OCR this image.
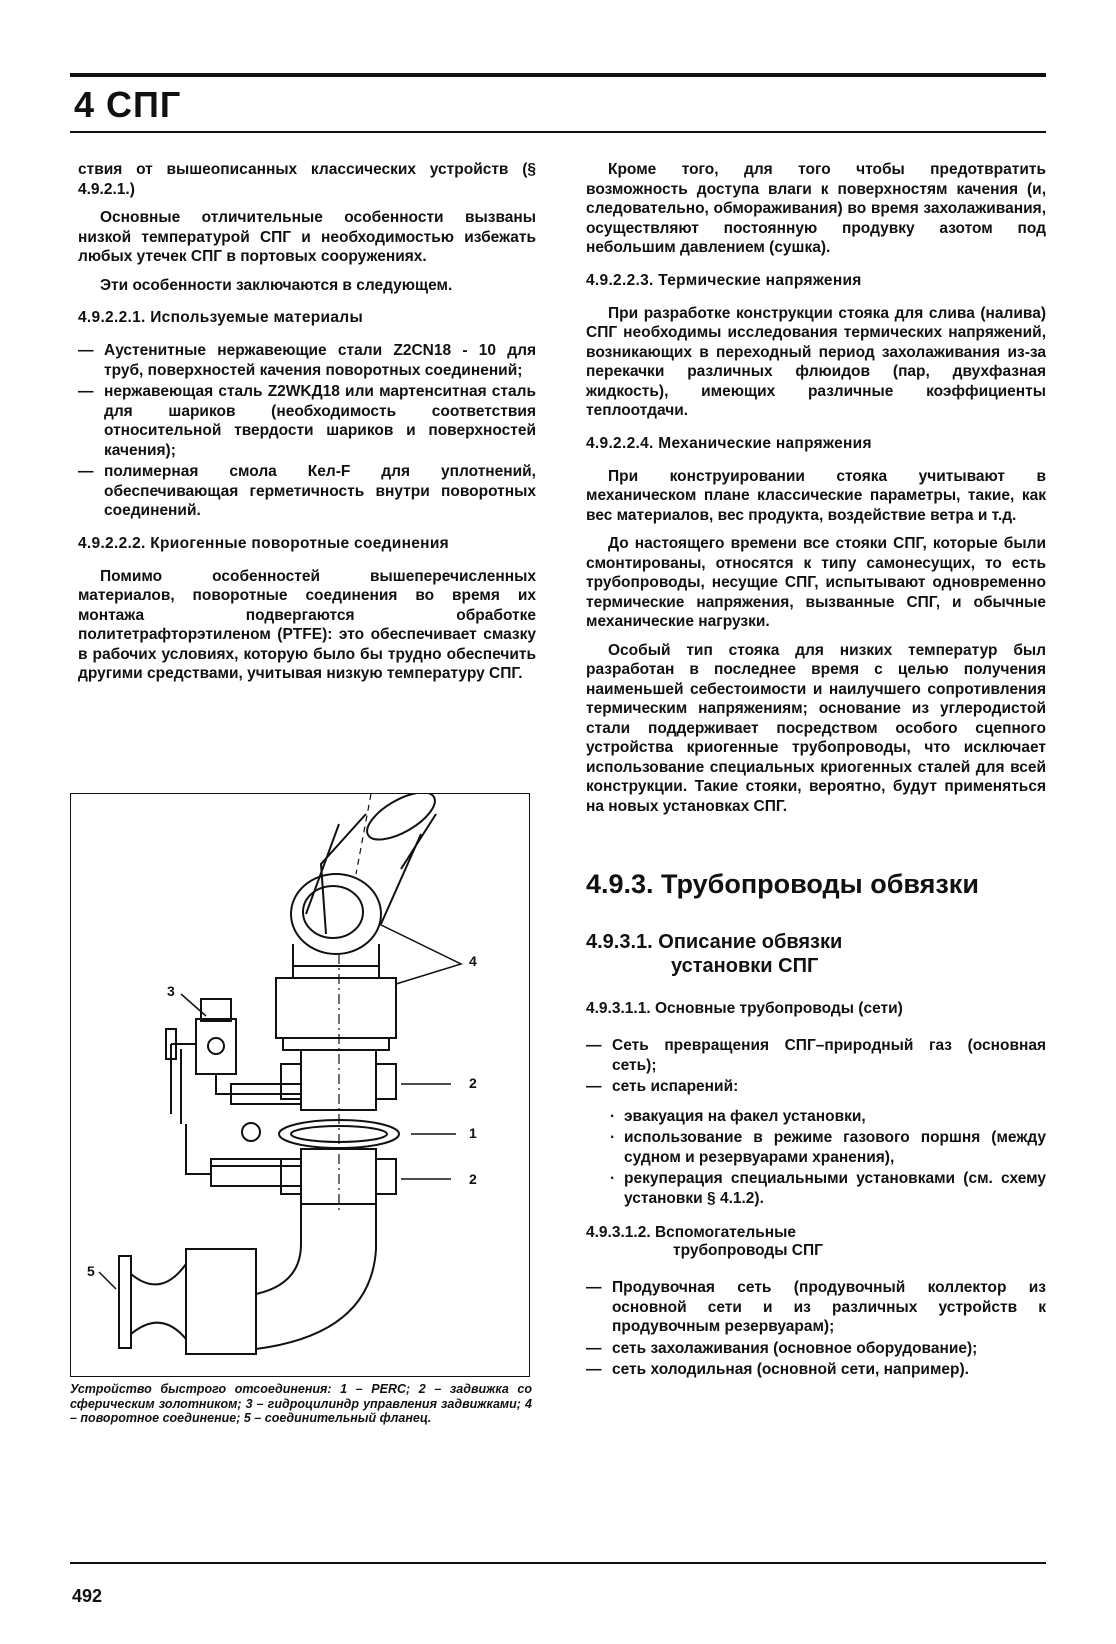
4 СПГ

ствия от вышеописанных классических устройств (§ 4.9.2.1.)

Основные отличительные особенности вызваны низкой температурой СПГ и необходимостью избежать любых утечек СПГ в портовых сооружениях.

Эти особенности заключаются в следующем.

4.9.2.2.1. Используемые материалы
— Аустенитные нержавеющие стали Z2CN18 - 10 для труб, поверхностей качения поворотных соединений;
— нержавеющая сталь Z2WKД18 или мартенситная сталь для шариков (необходимость соответствия относительной твердости шариков и поверхностей качения);
— полимерная смола Кел-F для уплотнений, обеспечивающая герметичность внутри поворотных соединений.
4.9.2.2.2. Криогенные поворотные соединения

Помимо особенностей вышеперечисленных материалов, поворотные соединения во время их монтажа подвергаются обработке политетрафторэтиленом (PTFE): это обеспечивает смазку в рабочих условиях, которую было бы трудно обеспечить другими средствами, учитывая низкую температуру СПГ.

4
3
2
1
2
5
Устройство быстрого отсоединения: 1 – PERC; 2 – задвижка со сферическим золотником; 3 – гидроцилиндр управления задвижками; 4 – поворотное соединение; 5 – соединительный фланец.

Кроме того, для того чтобы предотвратить возможность доступа влаги к поверхностям качения (и, следовательно, обмораживания) во время захолаживания, осуществляют постоянную продувку азотом под небольшим давлением (сушка).

4.9.2.2.3. Термические напряжения

При разработке конструкции стояка для слива (налива) СПГ необходимы исследования термических напряжений, возникающих в переходный период захолаживания из-за перекачки различных флюидов (пар, двухфазная жидкость), имеющих различные коэффициенты теплоотдачи.

4.9.2.2.4. Механические напряжения

При конструировании стояка учитывают в механическом плане классические параметры, такие, как вес материалов, вес продукта, воздействие ветра и т.д.

До настоящего времени все стояки СПГ, которые были смонтированы, относятся к типу самонесущих, то есть трубопроводы, несущие СПГ, испытывают одновременно термические напряжения, вызванные СПГ, и обычные механические нагрузки.

Особый тип стояка для низких температур был разработан в последнее время с целью получения наименьшей себестоимости и наилучшего сопротивления термическим напряжениям; основание из углеродистой стали поддерживает посредством особого сцепного устройства криогенные трубопроводы, что исключает использование специальных криогенных сталей для всей конструкции. Такие стояки, вероятно, будут применяться на новых установках СПГ.

4.9.3. Трубопроводы обвязки
4.9.3.1. Описание обвязки
установки СПГ
4.9.3.1.1. Основные трубопроводы (сети)
— Сеть превращения СПГ–природный газ (основная сеть);
— сеть испарений:
· эвакуация на факел установки,
· использование в режиме газового поршня (между судном и резервуарами хранения),
· рекуперация специальными установками (см. схему установки § 4.1.2).
4.9.3.1.2. Вспомогательные
трубопроводы СПГ
— Продувочная сеть (продувочный коллектор из основной сети и из различных устройств к продувочным резервуарам);
— сеть захолаживания (основное оборудование);
— сеть холодильная (основной сети, например).
492
